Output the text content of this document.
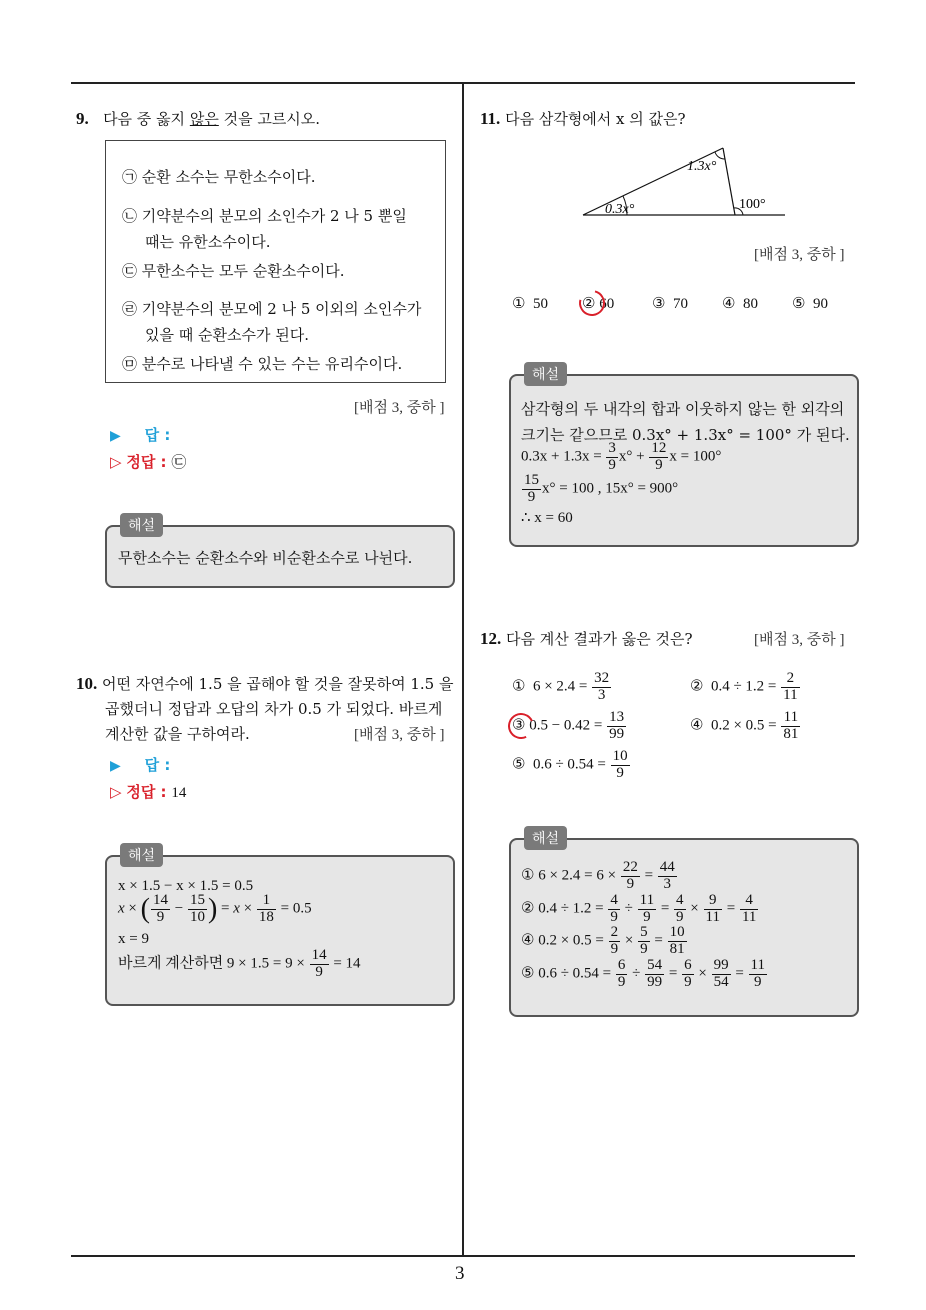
3
9. 다음 중 옳지 않은 것을 고르시오.
㉠ 순환 소수는 무한소수이다.
㉡ 기약분수의 분모의 소인수가 2 나 5 뿐일
때는 유한소수이다.
㉢ 무한소수는 모두 순환소수이다.
㉣ 기약분수의 분모에 2 나 5 이외의 소인수가
있을 때 순환소수가 된다.
㉤ 분수로 나타낼 수 있는 수는 유리수이다.
[배점 3, 중하 ]
▶ 답 :
▷ 정답 : ㉢
해설
무한소수는 순환소수와 비순환소수로 나뉜다.
10. 어떤 자연수에 1.5 을 곱해야 할 것을 잘못하여 1.5 을
곱했더니 정답과 오답의 차가 0.5 가 되었다. 바르게
계산한 값을 구하여라.	[배점 3, 중하 ]
▶ 답 :
▷ 정답 : 14
해설
x × 1.5 − x × 1.5 = 0.5
x × ( $\frac{14}{9} - \frac{15}{10}$ ) = $x \times \frac{1}{18} = 0.5$
x = 9
바르게 계산하면 $9 \times 1.5 = 9 \times \frac{14}{9} = 14$
11. 다음 삼각형에서 x 의 값은?
1.3x°
0.3x°	100°
[배점 3, 중하 ]
① 50 ② 60	③ 70 ④ 80 ⑤ 90
해설
삼각형의 두 내각의 합과 이웃하지 않는 한 외각의
크기는 같으므로 0.3x° + 1.3x° = 100° 가 된다.
$0.3x + 1.3x = \frac{3}{9} x^\circ + \frac{12}{9}$ x = 100°
$\frac{15}{9} x^\circ = 100$ , 15x° = 900°
∴ x = 60
12. 다음 계산 결과가 옳은 것은?	[배점 3, 중하 ]
① $6 \times 2.4 = \frac{32}{3}$	② $0.4 \div 1.2 = \frac{2}{11}$
③ $0.5 - 0.42 = \frac{13}{99}$	④ $0.2 \times 0.5 = \frac{11}{81}$
⑤ $0.6 \div 0.54 = \frac{10}{9}$
해설
① $6 \times 2.4 = 6 \times \frac{22}{9} = \frac{44}{3}$
② $0.4 \div 1.2 = \frac{4}{9} \div \frac{11}{9} = \frac{4}{9} \times \frac{9}{11} = \frac{4}{11}$
④ $0.2 \times 0.5 = \frac{2}{9} \times \frac{5}{9} = \frac{10}{81}$
⑤ $0.6 \div 0.54 = \frac{6}{9} \div \frac{54}{99} = \frac{6}{9} \times \frac{99}{54} = \frac{11}{9}$
